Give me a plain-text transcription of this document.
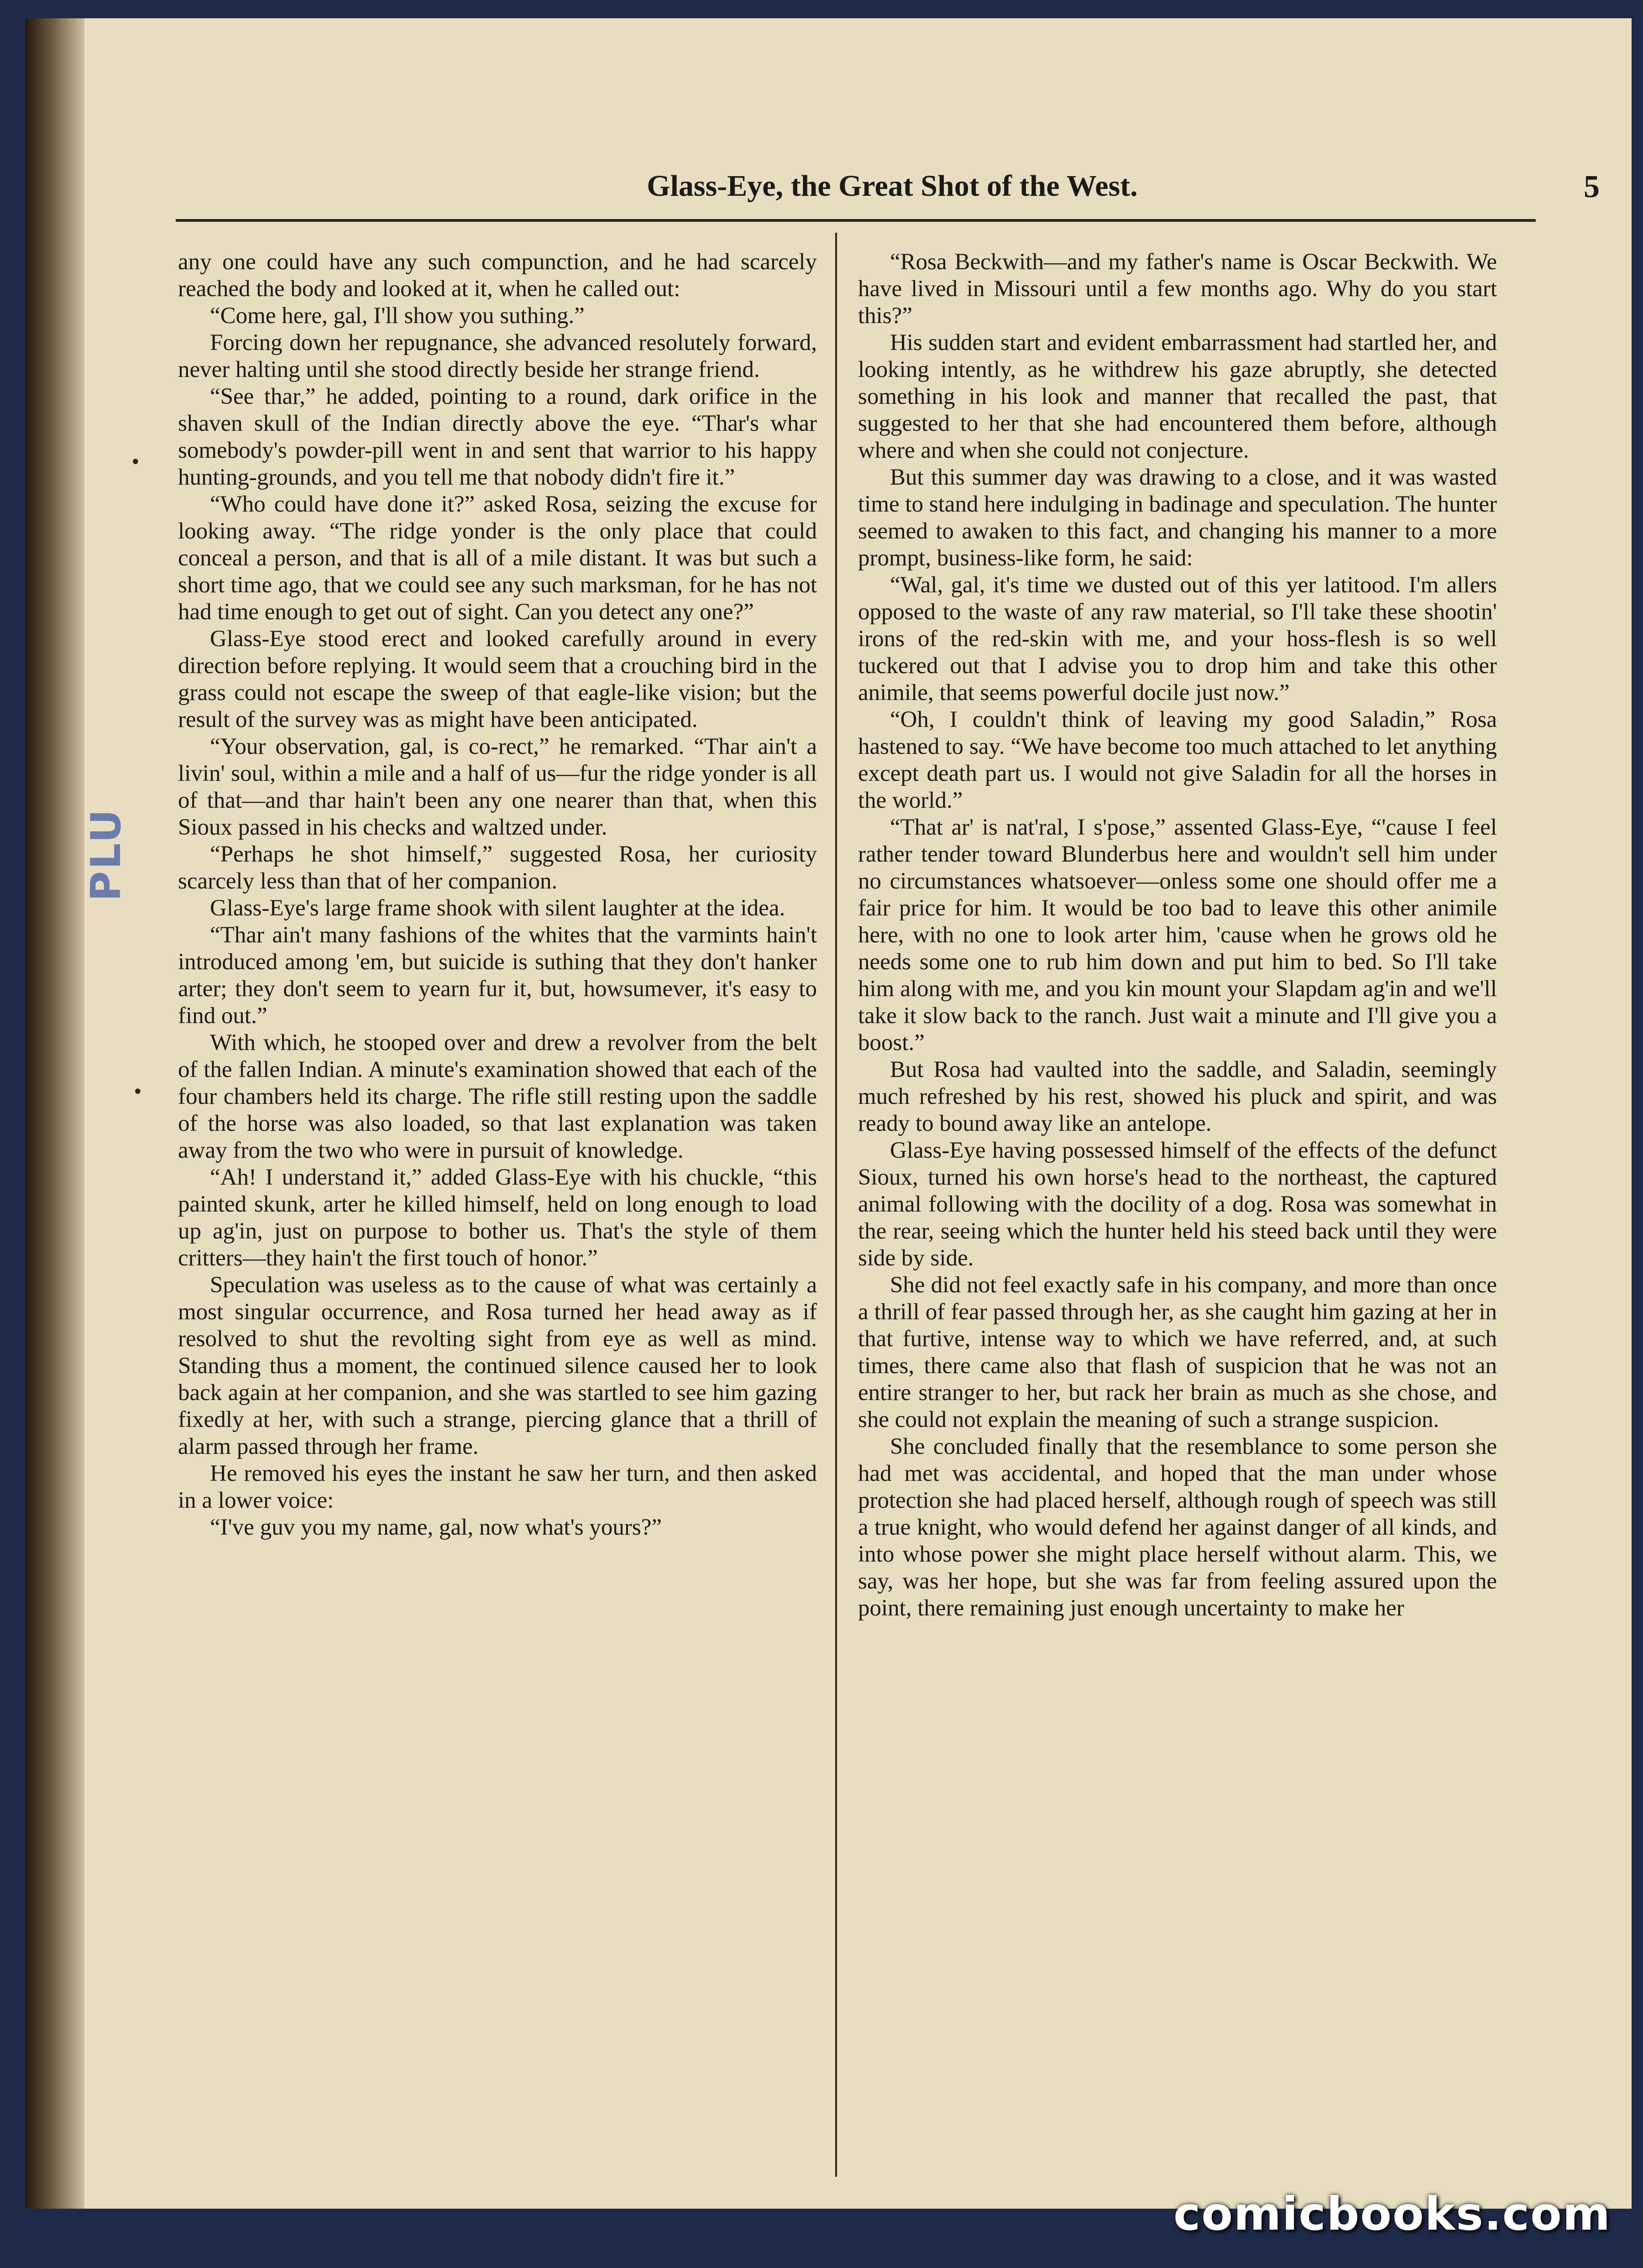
Glass-Eye, the Great Shot of the West.	5
PLU
•
•

any one could have any such compunction, and he had scarcely reached the body and looked at it, when he called out:

“Come here, gal, I'll show you suthing.”

Forcing down her repugnance, she advanced resolutely forward, never halting until she stood directly beside her strange friend.

“See thar,” he added, pointing to a round, dark orifice in the shaven skull of the Indian directly above the eye. “Thar's whar somebody's powder-pill went in and sent that warrior to his happy hunting-grounds, and you tell me that nobody didn't fire it.”

“Who could have done it?” asked Rosa, seizing the excuse for looking away. “The ridge yonder is the only place that could conceal a person, and that is all of a mile distant. It was but such a short time ago, that we could see any such marksman, for he has not had time enough to get out of sight. Can you detect any one?”

Glass-Eye stood erect and looked carefully around in every direction before replying. It would seem that a crouching bird in the grass could not escape the sweep of that eagle-like vision; but the result of the survey was as might have been anticipated.

“Your observation, gal, is co-rect,” he remarked. “Thar ain't a livin' soul, within a mile and a half of us—fur the ridge yonder is all of that—and thar hain't been any one nearer than that, when this Sioux passed in his checks and waltzed under.

“Perhaps he shot himself,” suggested Rosa, her curiosity scarcely less than that of her companion.

Glass-Eye's large frame shook with silent laughter at the idea.

“Thar ain't many fashions of the whites that the varmints hain't introduced among 'em, but suicide is suthing that they don't hanker arter; they don't seem to yearn fur it, but, howsumever, it's easy to find out.”

With which, he stooped over and drew a revolver from the belt of the fallen Indian. A minute's examination showed that each of the four chambers held its charge. The rifle still resting upon the saddle of the horse was also loaded, so that last explanation was taken away from the two who were in pursuit of knowledge.

“Ah! I understand it,” added Glass-Eye with his chuckle, “this painted skunk, arter he killed himself, held on long enough to load up ag'in, just on purpose to bother us. That's the style of them critters—they hain't the first touch of honor.”

Speculation was useless as to the cause of what was certainly a most singular occurrence, and Rosa turned her head away as if resolved to shut the revolting sight from eye as well as mind. Standing thus a moment, the continued silence caused her to look back again at her companion, and she was startled to see him gazing fixedly at her, with such a strange, piercing glance that a thrill of alarm passed through her frame.

He removed his eyes the instant he saw her turn, and then asked in a lower voice:

“I've guv you my name, gal, now what's yours?”

“Rosa Beckwith—and my father's name is Oscar Beckwith. We have lived in Missouri until a few months ago. Why do you start this?”

His sudden start and evident embarrassment had startled her, and looking intently, as he withdrew his gaze abruptly, she detected something in his look and manner that recalled the past, that suggested to her that she had encountered them before, although where and when she could not conjecture.

But this summer day was drawing to a close, and it was wasted time to stand here indulging in badinage and speculation. The hunter seemed to awaken to this fact, and changing his manner to a more prompt, business-like form, he said:

“Wal, gal, it's time we dusted out of this yer latitood. I'm allers opposed to the waste of any raw material, so I'll take these shootin' irons of the red-skin with me, and your hoss-flesh is so well tuckered out that I advise you to drop him and take this other animile, that seems powerful docile just now.”

“Oh, I couldn't think of leaving my good Saladin,” Rosa hastened to say. “We have become too much attached to let anything except death part us. I would not give Saladin for all the horses in the world.”

“That ar' is nat'ral, I s'pose,” assented Glass-Eye, “'cause I feel rather tender toward Blunderbus here and wouldn't sell him under no circumstances whatsoever—onless some one should offer me a fair price for him. It would be too bad to leave this other animile here, with no one to look arter him, 'cause when he grows old he needs some one to rub him down and put him to bed. So I'll take him along with me, and you kin mount your Slapdam ag'in and we'll take it slow back to the ranch. Just wait a minute and I'll give you a boost.”

But Rosa had vaulted into the saddle, and Saladin, seemingly much refreshed by his rest, showed his pluck and spirit, and was ready to bound away like an antelope.

Glass-Eye having possessed himself of the effects of the defunct Sioux, turned his own horse's head to the northeast, the captured animal following with the docility of a dog. Rosa was somewhat in the rear, seeing which the hunter held his steed back until they were side by side.

She did not feel exactly safe in his company, and more than once a thrill of fear passed through her, as she caught him gazing at her in that furtive, intense way to which we have referred, and, at such times, there came also that flash of suspicion that he was not an entire stranger to her, but rack her brain as much as she chose, and she could not explain the meaning of such a strange suspicion.

She concluded finally that the resemblance to some person she had met was accidental, and hoped that the man under whose protection she had placed herself, although rough of speech was still a true knight, who would defend her against danger of all kinds, and into whose power she might place herself without alarm. This, we say, was her hope, but she was far from feeling assured upon the point, there remaining just enough uncertainty to make her

comicbooks.com
